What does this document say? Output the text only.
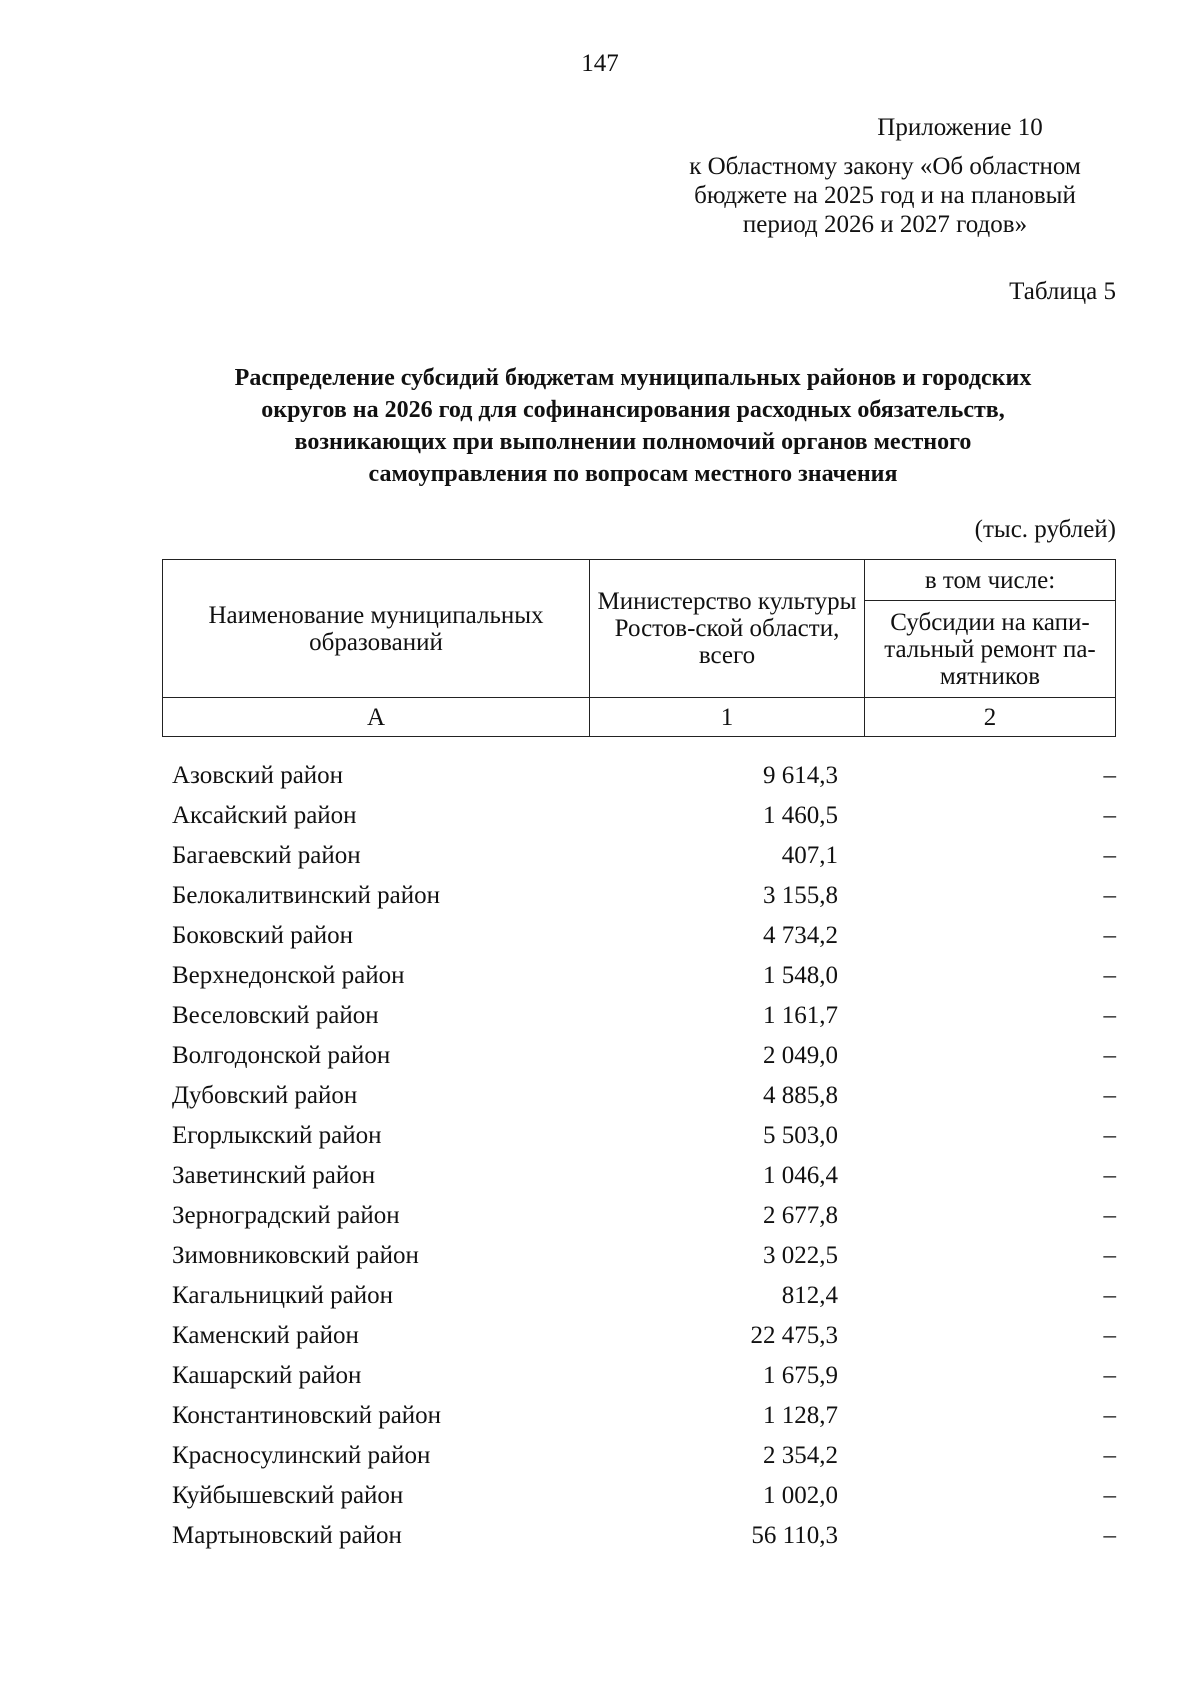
147
Приложение 10
к Областному закону «Об областном
бюджете на 2025 год и на плановый
период 2026 и 2027 годов»
Таблица 5
Распределение субсидий бюджетам муниципальных районов и городских
округов на 2026 год для софинансирования расходных обязательств,
возникающих при выполнении полномочий органов местного
самоуправления по вопросам местного значения
(тыс. рублей)
Наименование муниципальных образований	Министерство культуры Ростов-ской области, всего	в том числе:
		Субсидии на капи-тальный ремонт па-мятников
А	1	2
Азовский район	9 614,3	–
Аксайский район	1 460,5	–
Багаевский район	407,1	–
Белокалитвинский район	3 155,8	–
Боковский район	4 734,2	–
Верхнедонской район	1 548,0	–
Веселовский район	1 161,7	–
Волгодонской район	2 049,0	–
Дубовский район	4 885,8	–
Егорлыкский район	5 503,0	–
Заветинский район	1 046,4	–
Зерноградский район	2 677,8	–
Зимовниковский район	3 022,5	–
Кагальницкий район	812,4	–
Каменский район	22 475,3	–
Кашарский район	1 675,9	–
Константиновский район	1 128,7	–
Красносулинский район	2 354,2	–
Куйбышевский район	1 002,0	–
Мартыновский район	56 110,3	–
